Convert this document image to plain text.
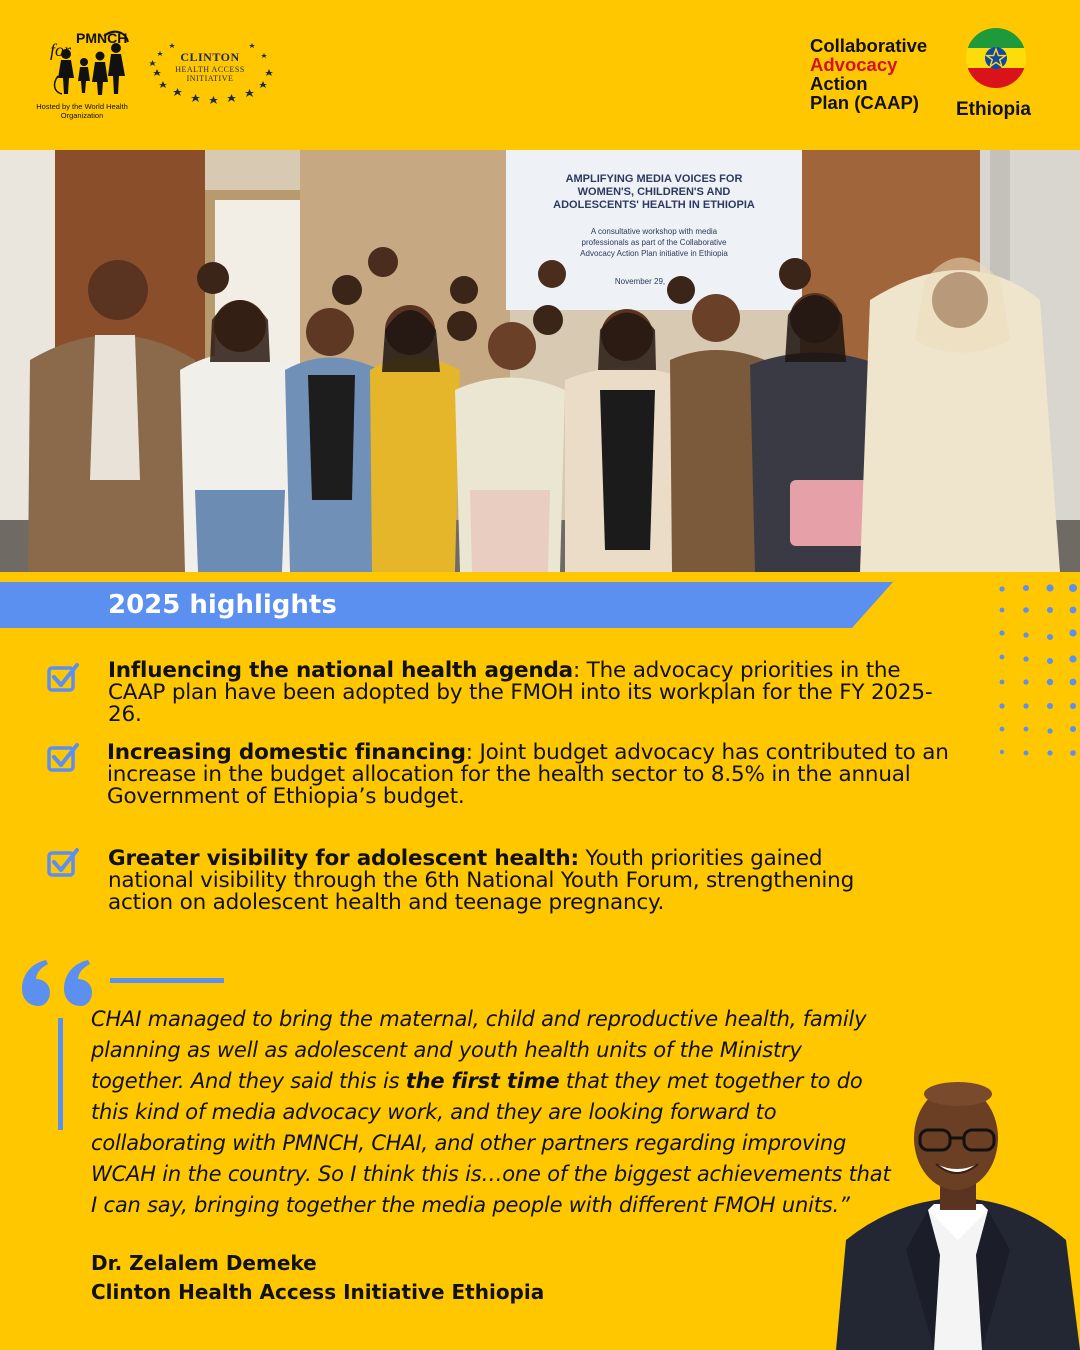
PMNCH
for
Hosted by the World Health Organization
CLINTON
HEALTH ACCESS
INITIATIVE
Collaborative
Advocacy
Action
Plan (CAAP)	Ethiopia
AMPLIFYING MEDIA VOICES FOR
WOMEN'S, CHILDREN'S AND
ADOLESCENTS' HEALTH IN ETHIOPIA
A consultative workshop with media
professionals as part of the Collaborative
Advocacy Action Plan initiative in Ethiopia
November 29,
2025 highlights
Influencing the national health agenda: The advocacy priorities in the CAAP plan have been adopted by the FMOH into its workplan for the FY 2025-26.
Increasing domestic financing: Joint budget advocacy has contributed to an increase in the budget allocation for the health sector to 8.5% in the annual Government of Ethiopia’s budget.
Greater visibility for adolescent health: Youth priorities gained national visibility through the 6th National Youth Forum, strengthening action on adolescent health and teenage pregnancy.
CHAI managed to bring the maternal, child and reproductive health, family planning as well as adolescent and youth health units of the Ministry together. And they said this is the first time that they met together to do this kind of media advocacy work, and they are looking forward to collaborating with PMNCH, CHAI, and other partners regarding improving WCAH in the country. So I think this is…one of the biggest achievements that I can say, bringing together the media people with different FMOH units.”
Dr. Zelalem Demeke
Clinton Health Access Initiative Ethiopia
